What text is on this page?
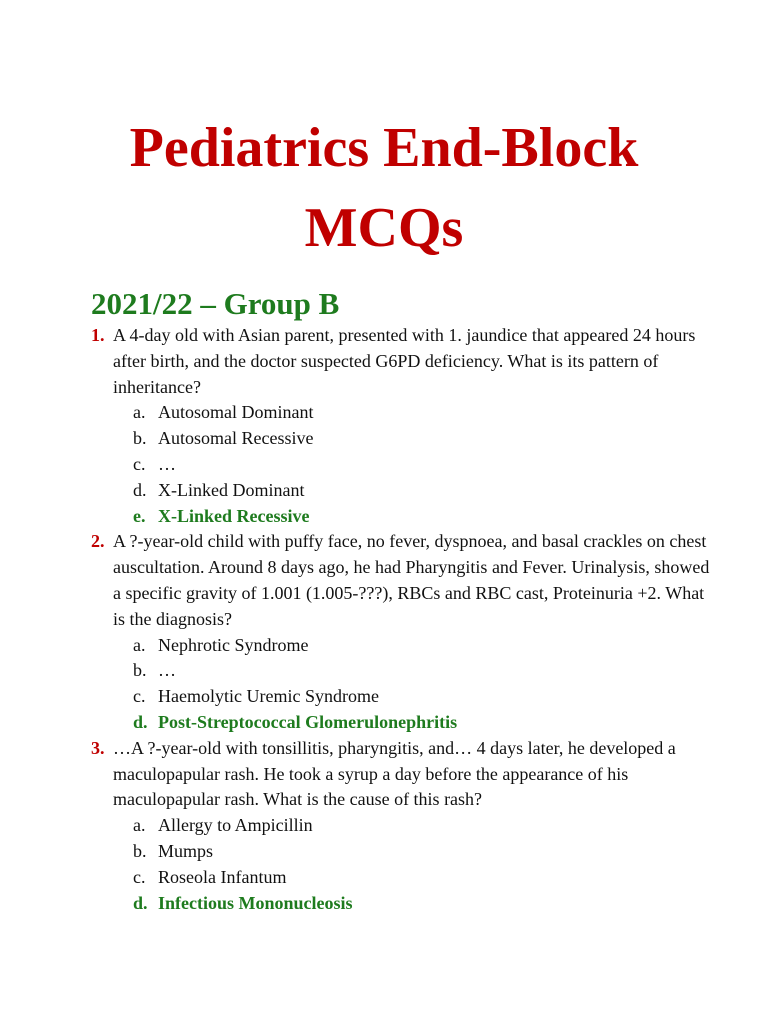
Pediatrics End-Block
MCQs
2021/22 – Group B
1. A 4-day old with Asian parent, presented with 1. jaundice that appeared 24 hours after birth, and the doctor suspected G6PD deficiency. What is its pattern of inheritance?
a. Autosomal Dominant
b. Autosomal Recessive
c. …
d. X-Linked Dominant
e. X-Linked Recessive
2. A ?-year-old child with puffy face, no fever, dyspnoea, and basal crackles on chest auscultation. Around 8 days ago, he had Pharyngitis and Fever. Urinalysis, showed a specific gravity of 1.001 (1.005-???), RBCs and RBC cast, Proteinuria +2. What is the diagnosis?
a. Nephrotic Syndrome
b. …
c. Haemolytic Uremic Syndrome
d. Post-Streptococcal Glomerulonephritis
3. …A ?-year-old with tonsillitis, pharyngitis, and… 4 days later, he developed a maculopapular rash. He took a syrup a day before the appearance of his maculopapular rash. What is the cause of this rash?
a. Allergy to Ampicillin
b. Mumps
c. Roseola Infantum
d. Infectious Mononucleosis
